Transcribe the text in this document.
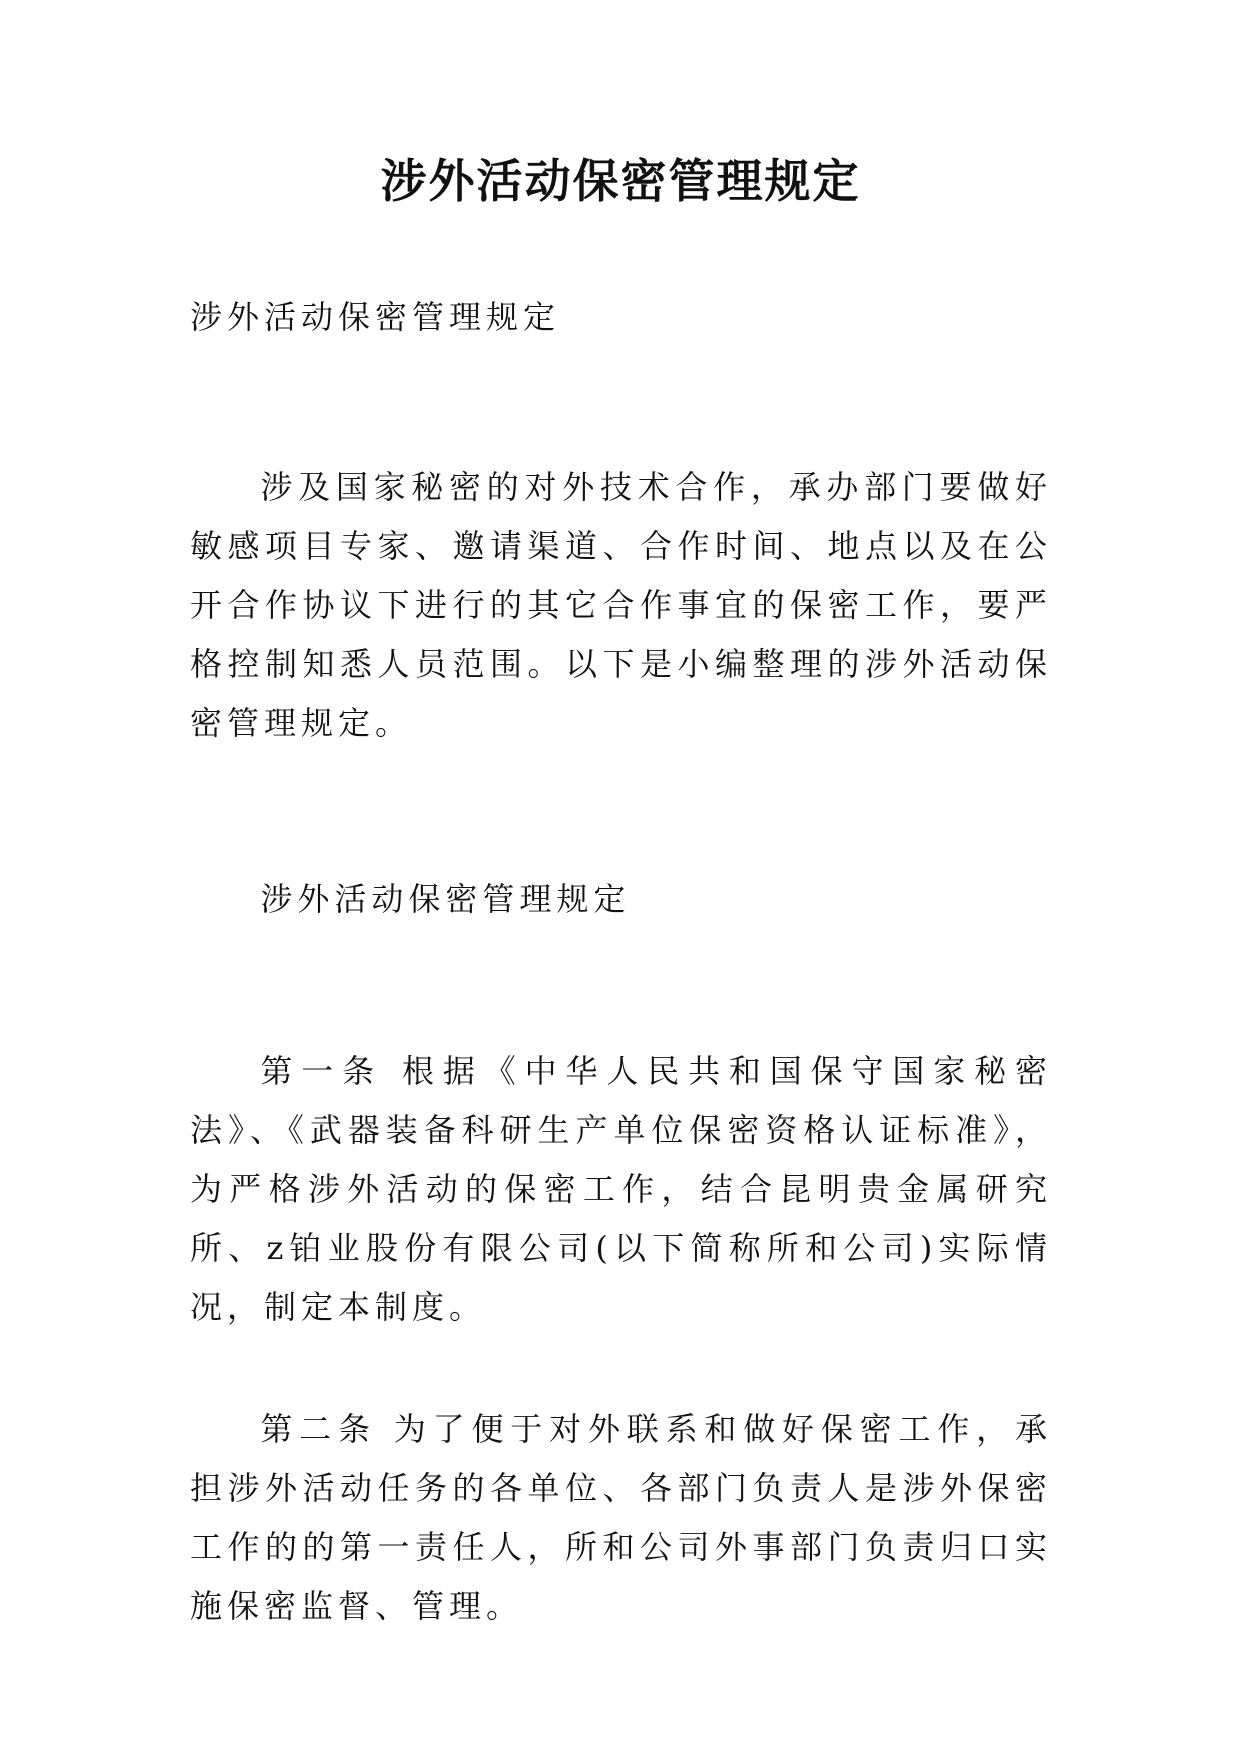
涉外活动保密管理规定

涉外活动保密管理规定

涉及国家秘密的对外技术合作，承办部门要做好敏感项目专家、邀请渠道、合作时间、地点以及在公开合作协议下进行的其它合作事宜的保密工作，要严格控制知悉人员范围。以下是小编整理的涉外活动保密管理规定。

涉外活动保密管理规定

第一条 根据《中华人民共和国保守国家秘密法》、《武器装备科研生产单位保密资格认证标准》，为严格涉外活动的保密工作，结合昆明贵金属研究所、z铂业股份有限公司(以下简称所和公司)实际情况，制定本制度。

第二条 为了便于对外联系和做好保密工作，承担涉外活动任务的各单位、各部门负责人是涉外保密工作的的第一责任人，所和公司外事部门负责归口实施保密监督、管理。
